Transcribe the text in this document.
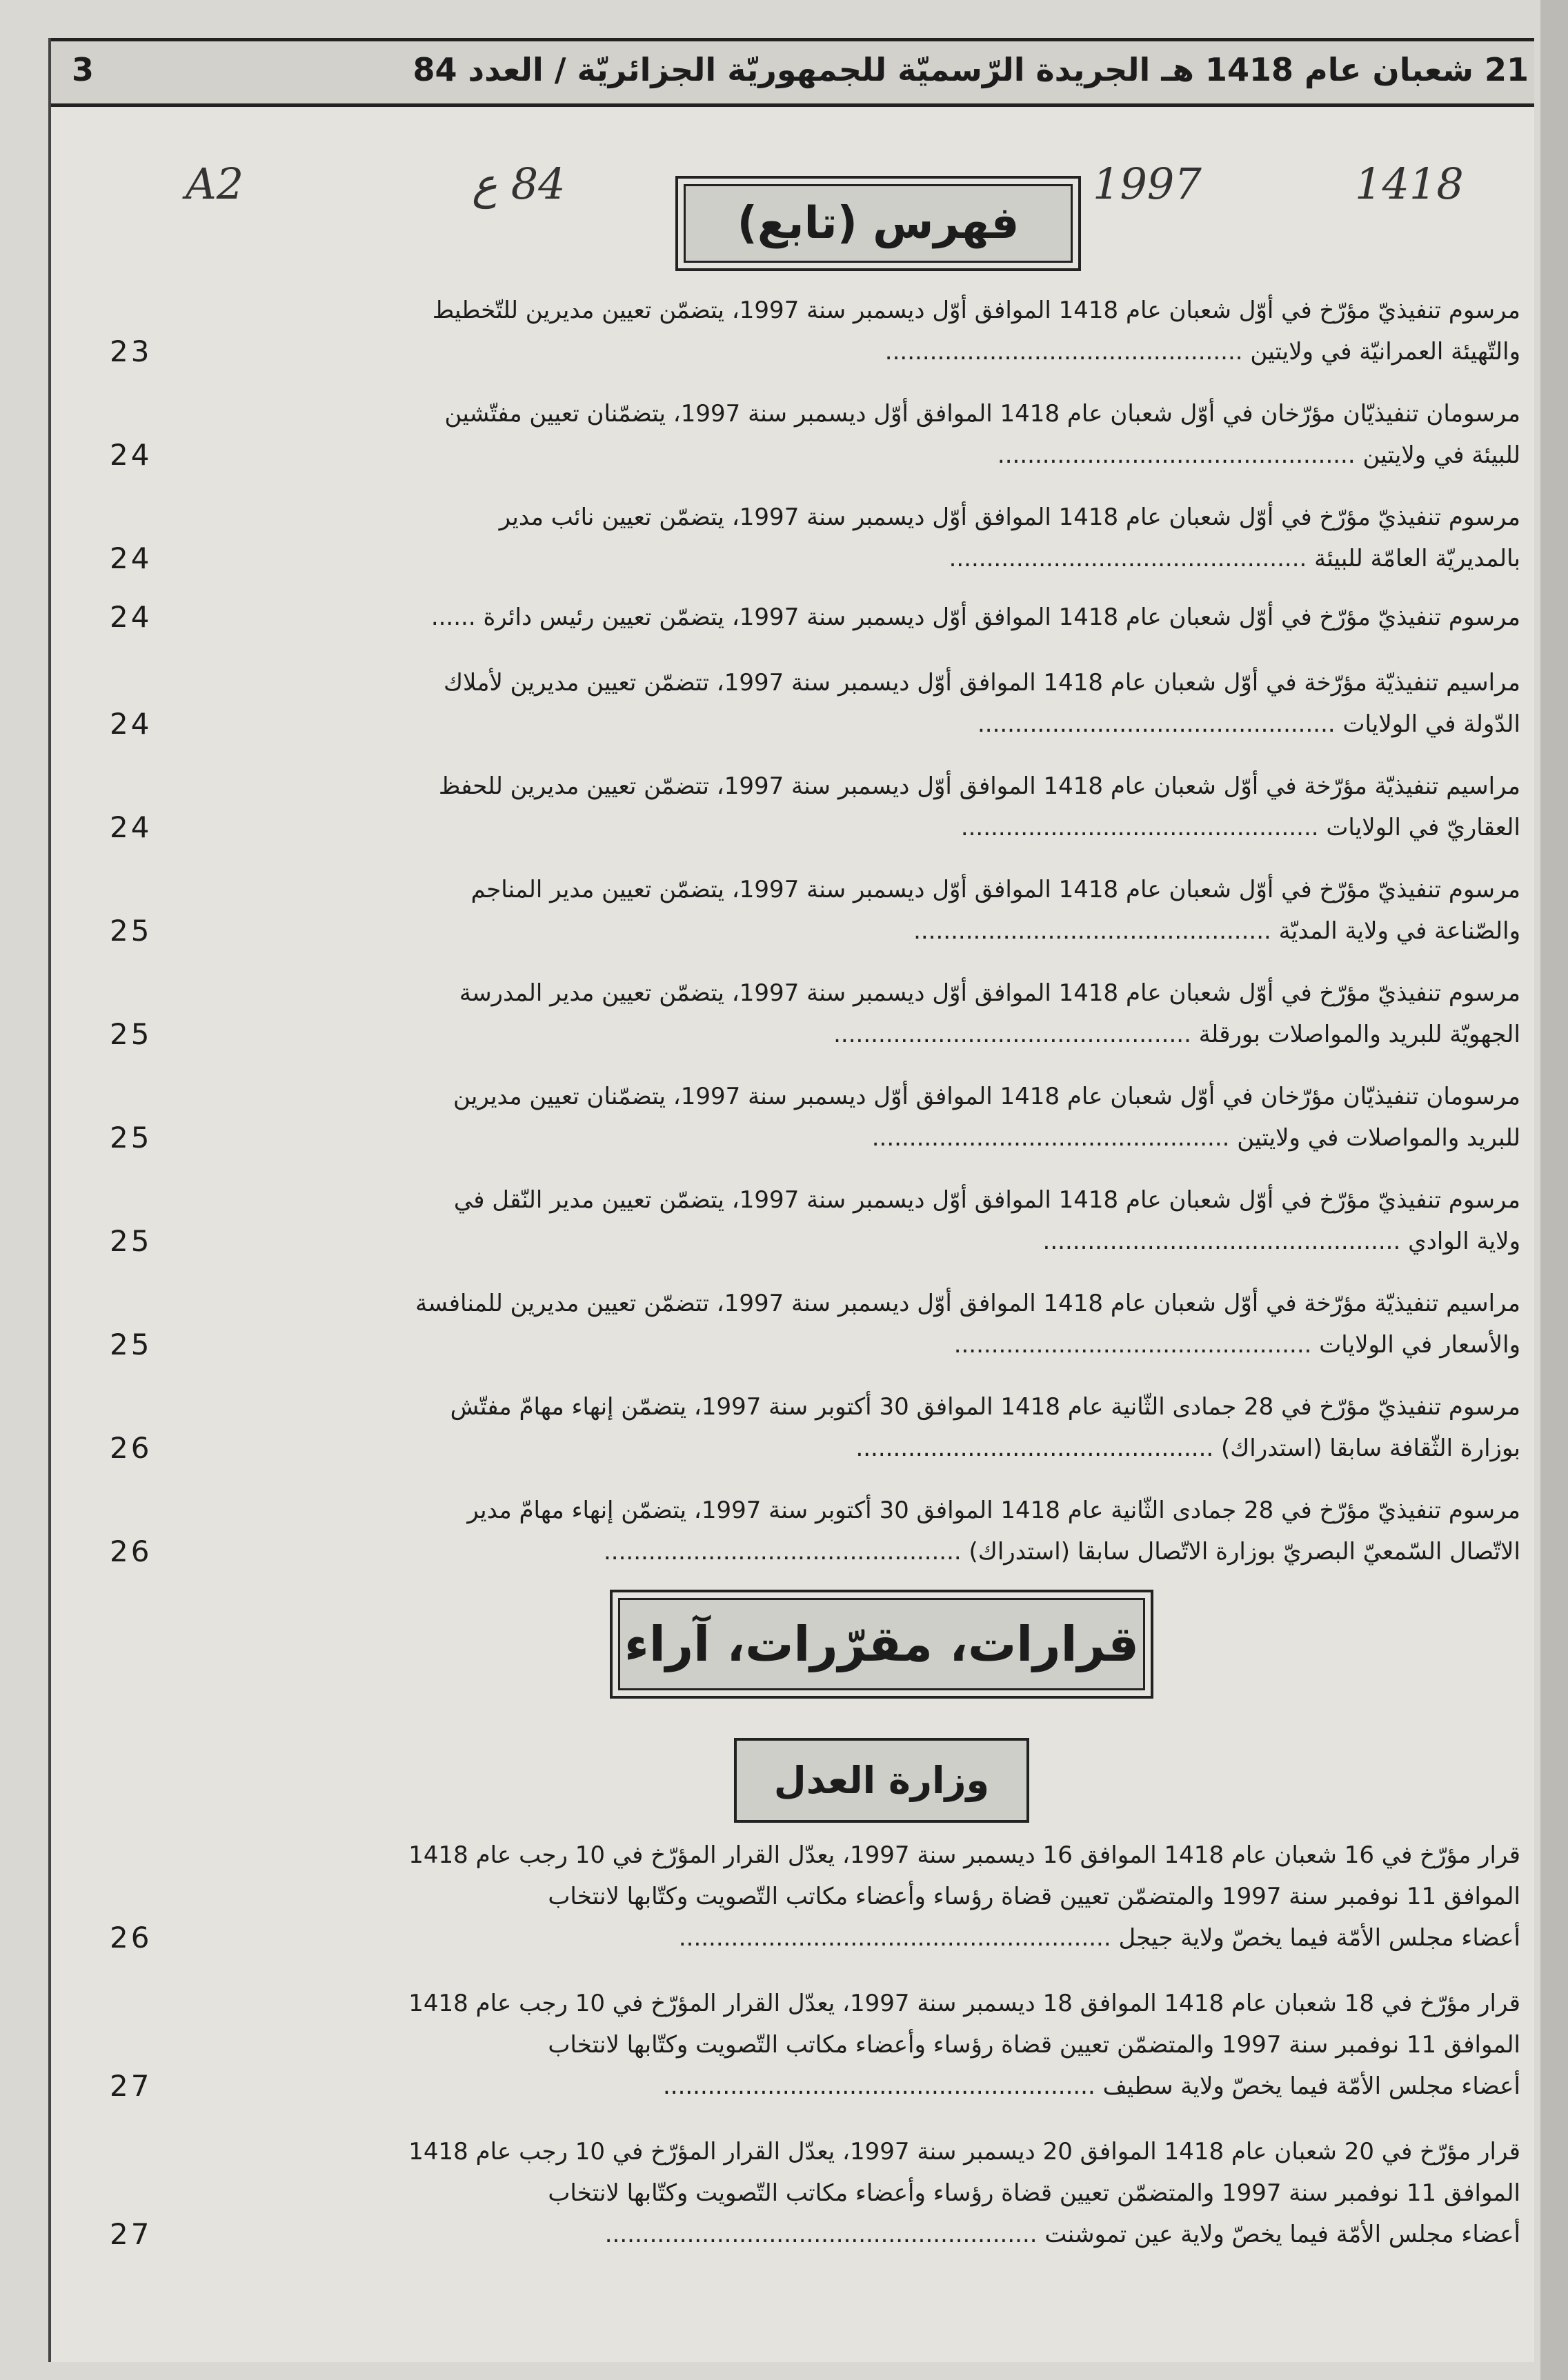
21 شعبان عام 1418 هـ الجريدة الرّسميّة للجمهوريّة الجزائريّة / العدد 84
3
A2	84 ع	1997	1418
فهرس (تابع)
مرسوم تنفيذيّ مؤرّخ في أوّل شعبان عام 1418 الموافق أوّل ديسمبر سنة 1997، يتضمّن تعيين مديرين للتّخطيط
والتّهيئة العمرانيّة في ولايتين ................................................
23
مرسومان تنفيذيّان مؤرّخان في أوّل شعبان عام 1418 الموافق أوّل ديسمبر سنة 1997، يتضمّنان تعيين مفتّشين
للبيئة في ولايتين ................................................
24
مرسوم تنفيذيّ مؤرّخ في أوّل شعبان عام 1418 الموافق أوّل ديسمبر سنة 1997، يتضمّن تعيين نائب مدير
بالمديريّة العامّة للبيئة ................................................
24
مرسوم تنفيذيّ مؤرّخ في أوّل شعبان عام 1418 الموافق أوّل ديسمبر سنة 1997، يتضمّن تعيين رئيس دائرة ......
24
مراسيم تنفيذيّة مؤرّخة في أوّل شعبان عام 1418 الموافق أوّل ديسمبر سنة 1997، تتضمّن تعيين مديرين لأملاك
الدّولة في الولايات ................................................
24
مراسيم تنفيذيّة مؤرّخة في أوّل شعبان عام 1418 الموافق أوّل ديسمبر سنة 1997، تتضمّن تعيين مديرين للحفظ
العقاريّ في الولايات ................................................
24
مرسوم تنفيذيّ مؤرّخ في أوّل شعبان عام 1418 الموافق أوّل ديسمبر سنة 1997، يتضمّن تعيين مدير المناجم
والصّناعة في ولاية المديّة ................................................
25
مرسوم تنفيذيّ مؤرّخ في أوّل شعبان عام 1418 الموافق أوّل ديسمبر سنة 1997، يتضمّن تعيين مدير المدرسة
الجهويّة للبريد والمواصلات بورقلة ................................................
25
مرسومان تنفيذيّان مؤرّخان في أوّل شعبان عام 1418 الموافق أوّل ديسمبر سنة 1997، يتضمّنان تعيين مديرين
للبريد والمواصلات في ولايتين ................................................
25
مرسوم تنفيذيّ مؤرّخ في أوّل شعبان عام 1418 الموافق أوّل ديسمبر سنة 1997، يتضمّن تعيين مدير النّقل في
ولاية الوادي ................................................
25
مراسيم تنفيذيّة مؤرّخة في أوّل شعبان عام 1418 الموافق أوّل ديسمبر سنة 1997، تتضمّن تعيين مديرين للمنافسة
والأسعار في الولايات ................................................
25
مرسوم تنفيذيّ مؤرّخ في 28 جمادى الثّانية عام 1418 الموافق 30 أكتوبر سنة 1997، يتضمّن إنهاء مهامّ مفتّش
بوزارة الثّقافة سابقا (استدراك) ................................................
26
مرسوم تنفيذيّ مؤرّخ في 28 جمادى الثّانية عام 1418 الموافق 30 أكتوبر سنة 1997، يتضمّن إنهاء مهامّ مدير
الاتّصال السّمعيّ البصريّ بوزارة الاتّصال سابقا (استدراك) ................................................
26
قرارات، مقرّرات، آراء
وزارة العدل
قرار مؤرّخ في 16 شعبان عام 1418 الموافق 16 ديسمبر سنة 1997، يعدّل القرار المؤرّخ في 10 رجب عام 1418
الموافق 11 نوفمبر سنة 1997 والمتضمّن تعيين قضاة رؤساء وأعضاء مكاتب التّصويت وكتّابها لانتخاب
أعضاء مجلس الأمّة فيما يخصّ ولاية جيجل ..........................................................
26
قرار مؤرّخ في 18 شعبان عام 1418 الموافق 18 ديسمبر سنة 1997، يعدّل القرار المؤرّخ في 10 رجب عام 1418
الموافق 11 نوفمبر سنة 1997 والمتضمّن تعيين قضاة رؤساء وأعضاء مكاتب التّصويت وكتّابها لانتخاب
أعضاء مجلس الأمّة فيما يخصّ ولاية سطيف ..........................................................
27
قرار مؤرّخ في 20 شعبان عام 1418 الموافق 20 ديسمبر سنة 1997، يعدّل القرار المؤرّخ في 10 رجب عام 1418
الموافق 11 نوفمبر سنة 1997 والمتضمّن تعيين قضاة رؤساء وأعضاء مكاتب التّصويت وكتّابها لانتخاب
أعضاء مجلس الأمّة فيما يخصّ ولاية عين تموشنت ..........................................................
27
